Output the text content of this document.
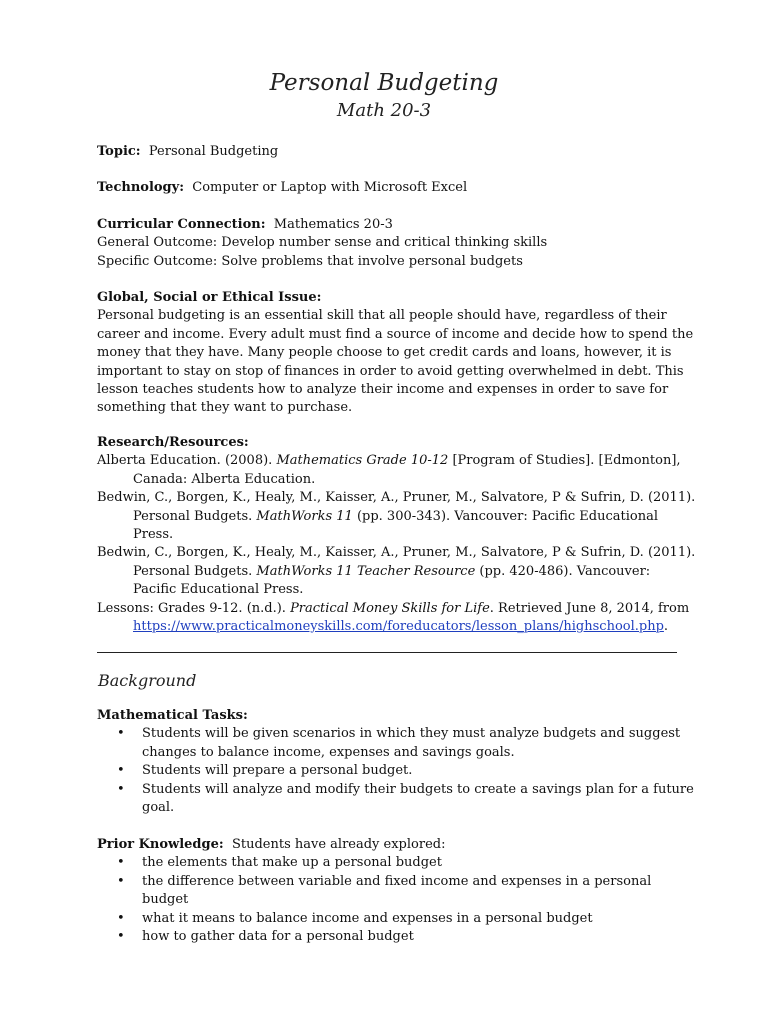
Personal Budgeting
Math 20-3
Topic: Personal Budgeting
Technology: Computer or Laptop with Microsoft Excel
Curricular Connection: Mathematics 20-3
General Outcome: Develop number sense and critical thinking skills
Specific Outcome: Solve problems that involve personal budgets
Global, Social or Ethical Issue:
Personal budgeting is an essential skill that all people should have, regardless of their
career and income. Every adult must find a source of income and decide how to spend the
money that they have. Many people choose to get credit cards and loans, however, it is
important to stay on stop of finances in order to avoid getting overwhelmed in debt. This
lesson teaches students how to analyze their income and expenses in order to save for
something that they want to purchase.
Research/Resources:
Alberta Education. (2008). Mathematics Grade 10-12 [Program of Studies]. [Edmonton],
Canada: Alberta Education.
Bedwin, C., Borgen, K., Healy, M., Kaisser, A., Pruner, M., Salvatore, P & Sufrin, D. (2011).
Personal Budgets. MathWorks 11 (pp. 300-343). Vancouver: Pacific Educational
Press.
Bedwin, C., Borgen, K., Healy, M., Kaisser, A., Pruner, M., Salvatore, P & Sufrin, D. (2011).
Personal Budgets. MathWorks 11 Teacher Resource (pp. 420-486). Vancouver:
Pacific Educational Press.
Lessons: Grades 9-12. (n.d.). Practical Money Skills for Life. Retrieved June 8, 2014, from
https://www.practicalmoneyskills.com/foreducators/lesson_plans/highschool.php.
Background
Mathematical Tasks:
• Students will be given scenarios in which they must analyze budgets and suggest
changes to balance income, expenses and savings goals.
• Students will prepare a personal budget.
• Students will analyze and modify their budgets to create a savings plan for a future
goal.
Prior Knowledge: Students have already explored:
• the elements that make up a personal budget
• the difference between variable and fixed income and expenses in a personal
budget
• what it means to balance income and expenses in a personal budget
• how to gather data for a personal budget
